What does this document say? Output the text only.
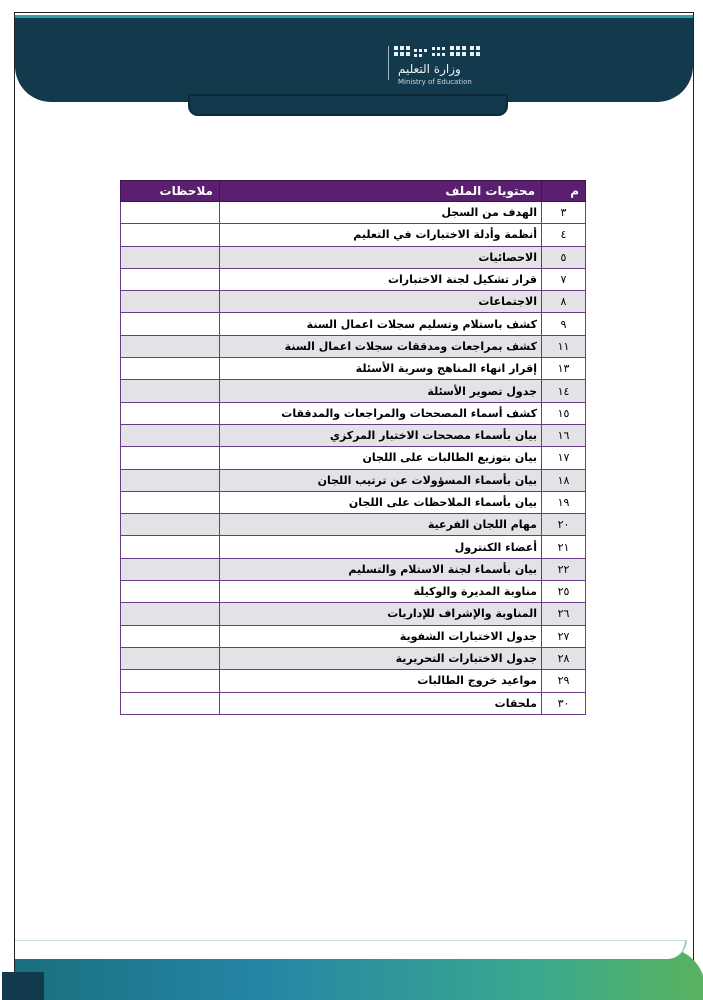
وزارة التعليم
Ministry of Education
م	محتويات الملف	ملاحظات
٣	الهدف من السجل	
٤	أنظمة وأدلة الاختبارات في التعليم	
٥	الاحصائيات	
٧	قرار تشكيل لجنة الاختبارات	
٨	الاجتماعات	
٩	كشف باستلام وتسليم سجلات اعمال السنة	
١١	كشف بمراجعات ومدققات سجلات اعمال السنة	
١٣	إقرار انهاء المناهج وسرية الأسئلة	
١٤	جدول تصوير الأسئلة	
١٥	كشف أسماء المصححات والمراجعات والمدققات	
١٦	بيان بأسماء مصححات الاختبار المركزي	
١٧	بيان بتوزيع الطالبات على اللجان	
١٨	بيان بأسماء المسؤولات عن ترتيب اللجان	
١٩	بيان بأسماء الملاحظات على اللجان	
٢٠	مهام اللجان الفرعية	
٢١	أعضاء الكنترول	
٢٢	بيان بأسماء لجنة الاستلام والتسليم	
٢٥	مناوبة المديرة والوكيلة	
٢٦	المناوبة والإشراف للإداريات	
٢٧	جدول الاختبارات الشفوية	
٢٨	جدول الاختبارات التحريرية	
٢٩	مواعيد خروج الطالبات	
٣٠	ملحقات	
